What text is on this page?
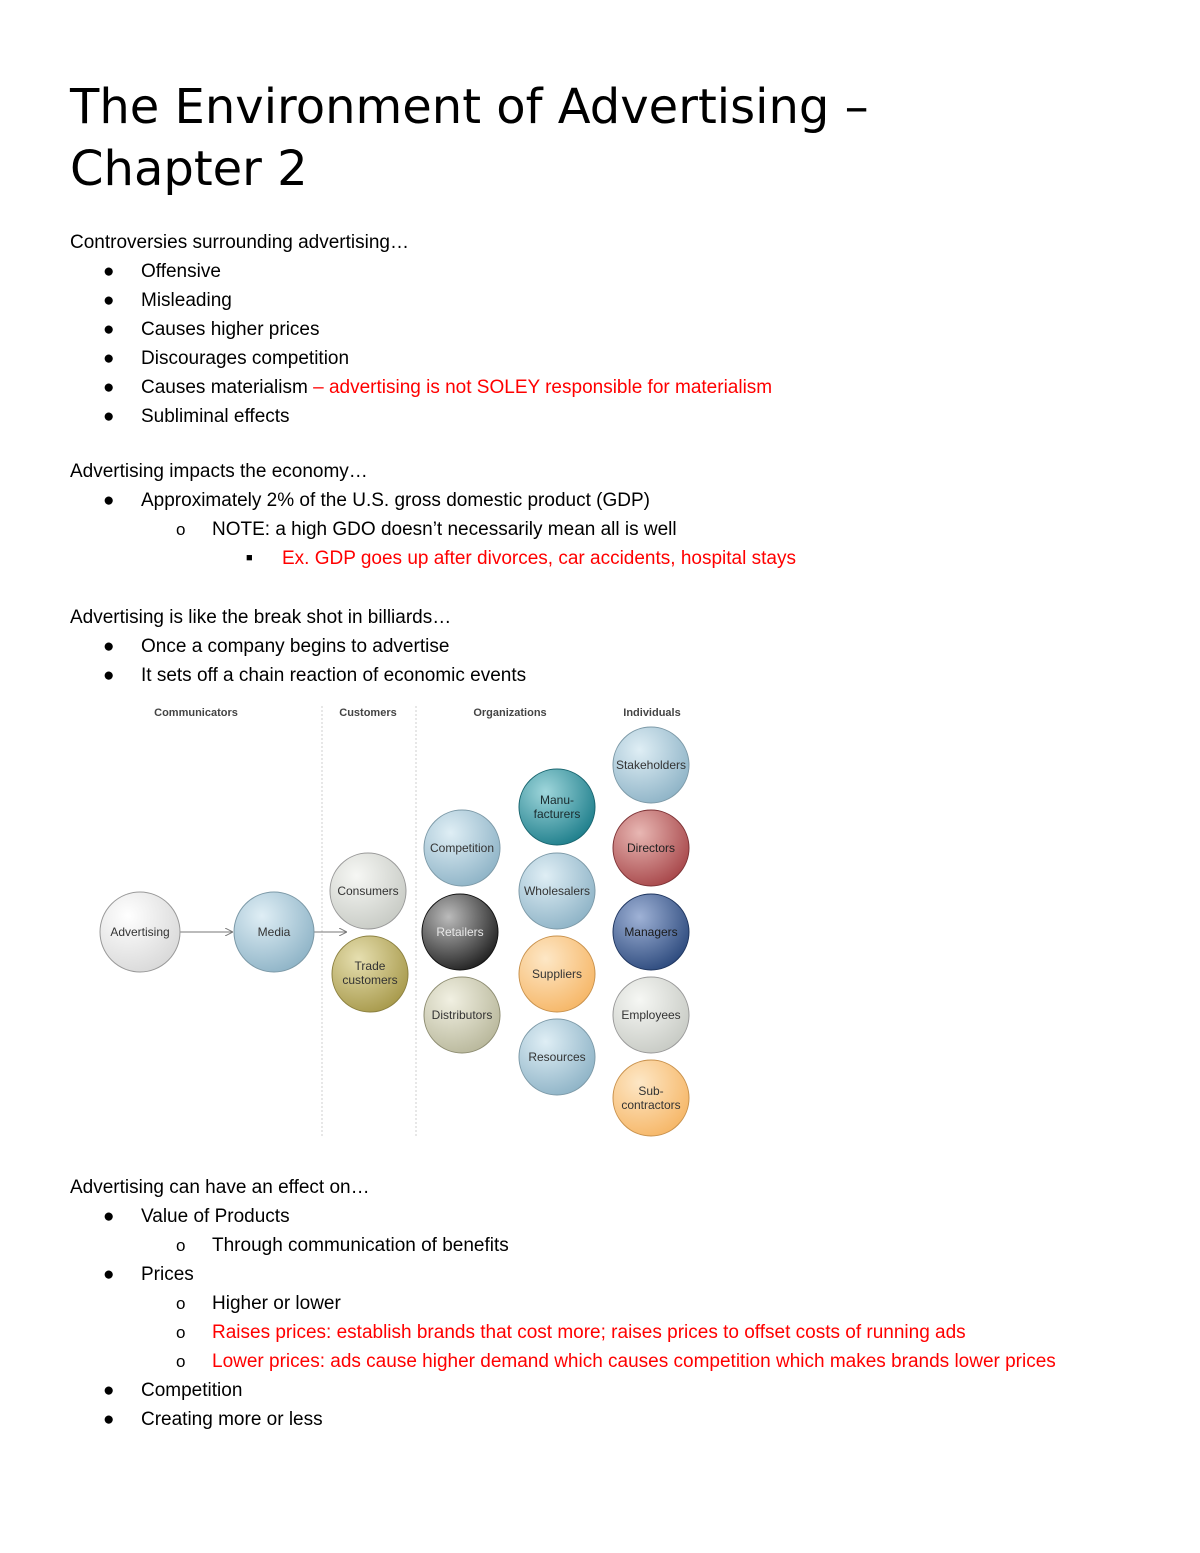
The Environment of Advertising –
Chapter 2
Controversies surrounding advertising…
● Offensive
● Misleading
● Causes higher prices
● Discourages competition
● Causes materialism – advertising is not SOLEY responsible for materialism
● Subliminal effects
Advertising impacts the economy…
● Approximately 2% of the U.S. gross domestic product (GDP)
o NOTE: a high GDO doesn’t necessarily mean all is well
■ Ex. GDP goes up after divorces, car accidents, hospital stays
Advertising is like the break shot in billiards…
● Once a company begins to advertise
● It sets off a chain reaction of economic events
Communicators	Customers	Organizations	Individuals
Advertising	Media
Consumers
Trade
customers
Competition
Retailers
Distributors
Manu-
facturers
Wholesalers
Suppliers
Resources
Stakeholders
Directors
Managers
Employees
Sub-
contractors
Advertising can have an effect on…
● Value of Products
o Through communication of benefits
● Prices
o Higher or lower
o Raises prices: establish brands that cost more; raises prices to offset costs of running ads
o Lower prices: ads cause higher demand which causes competition which makes brands lower prices
● Competition
● Creating more or less
